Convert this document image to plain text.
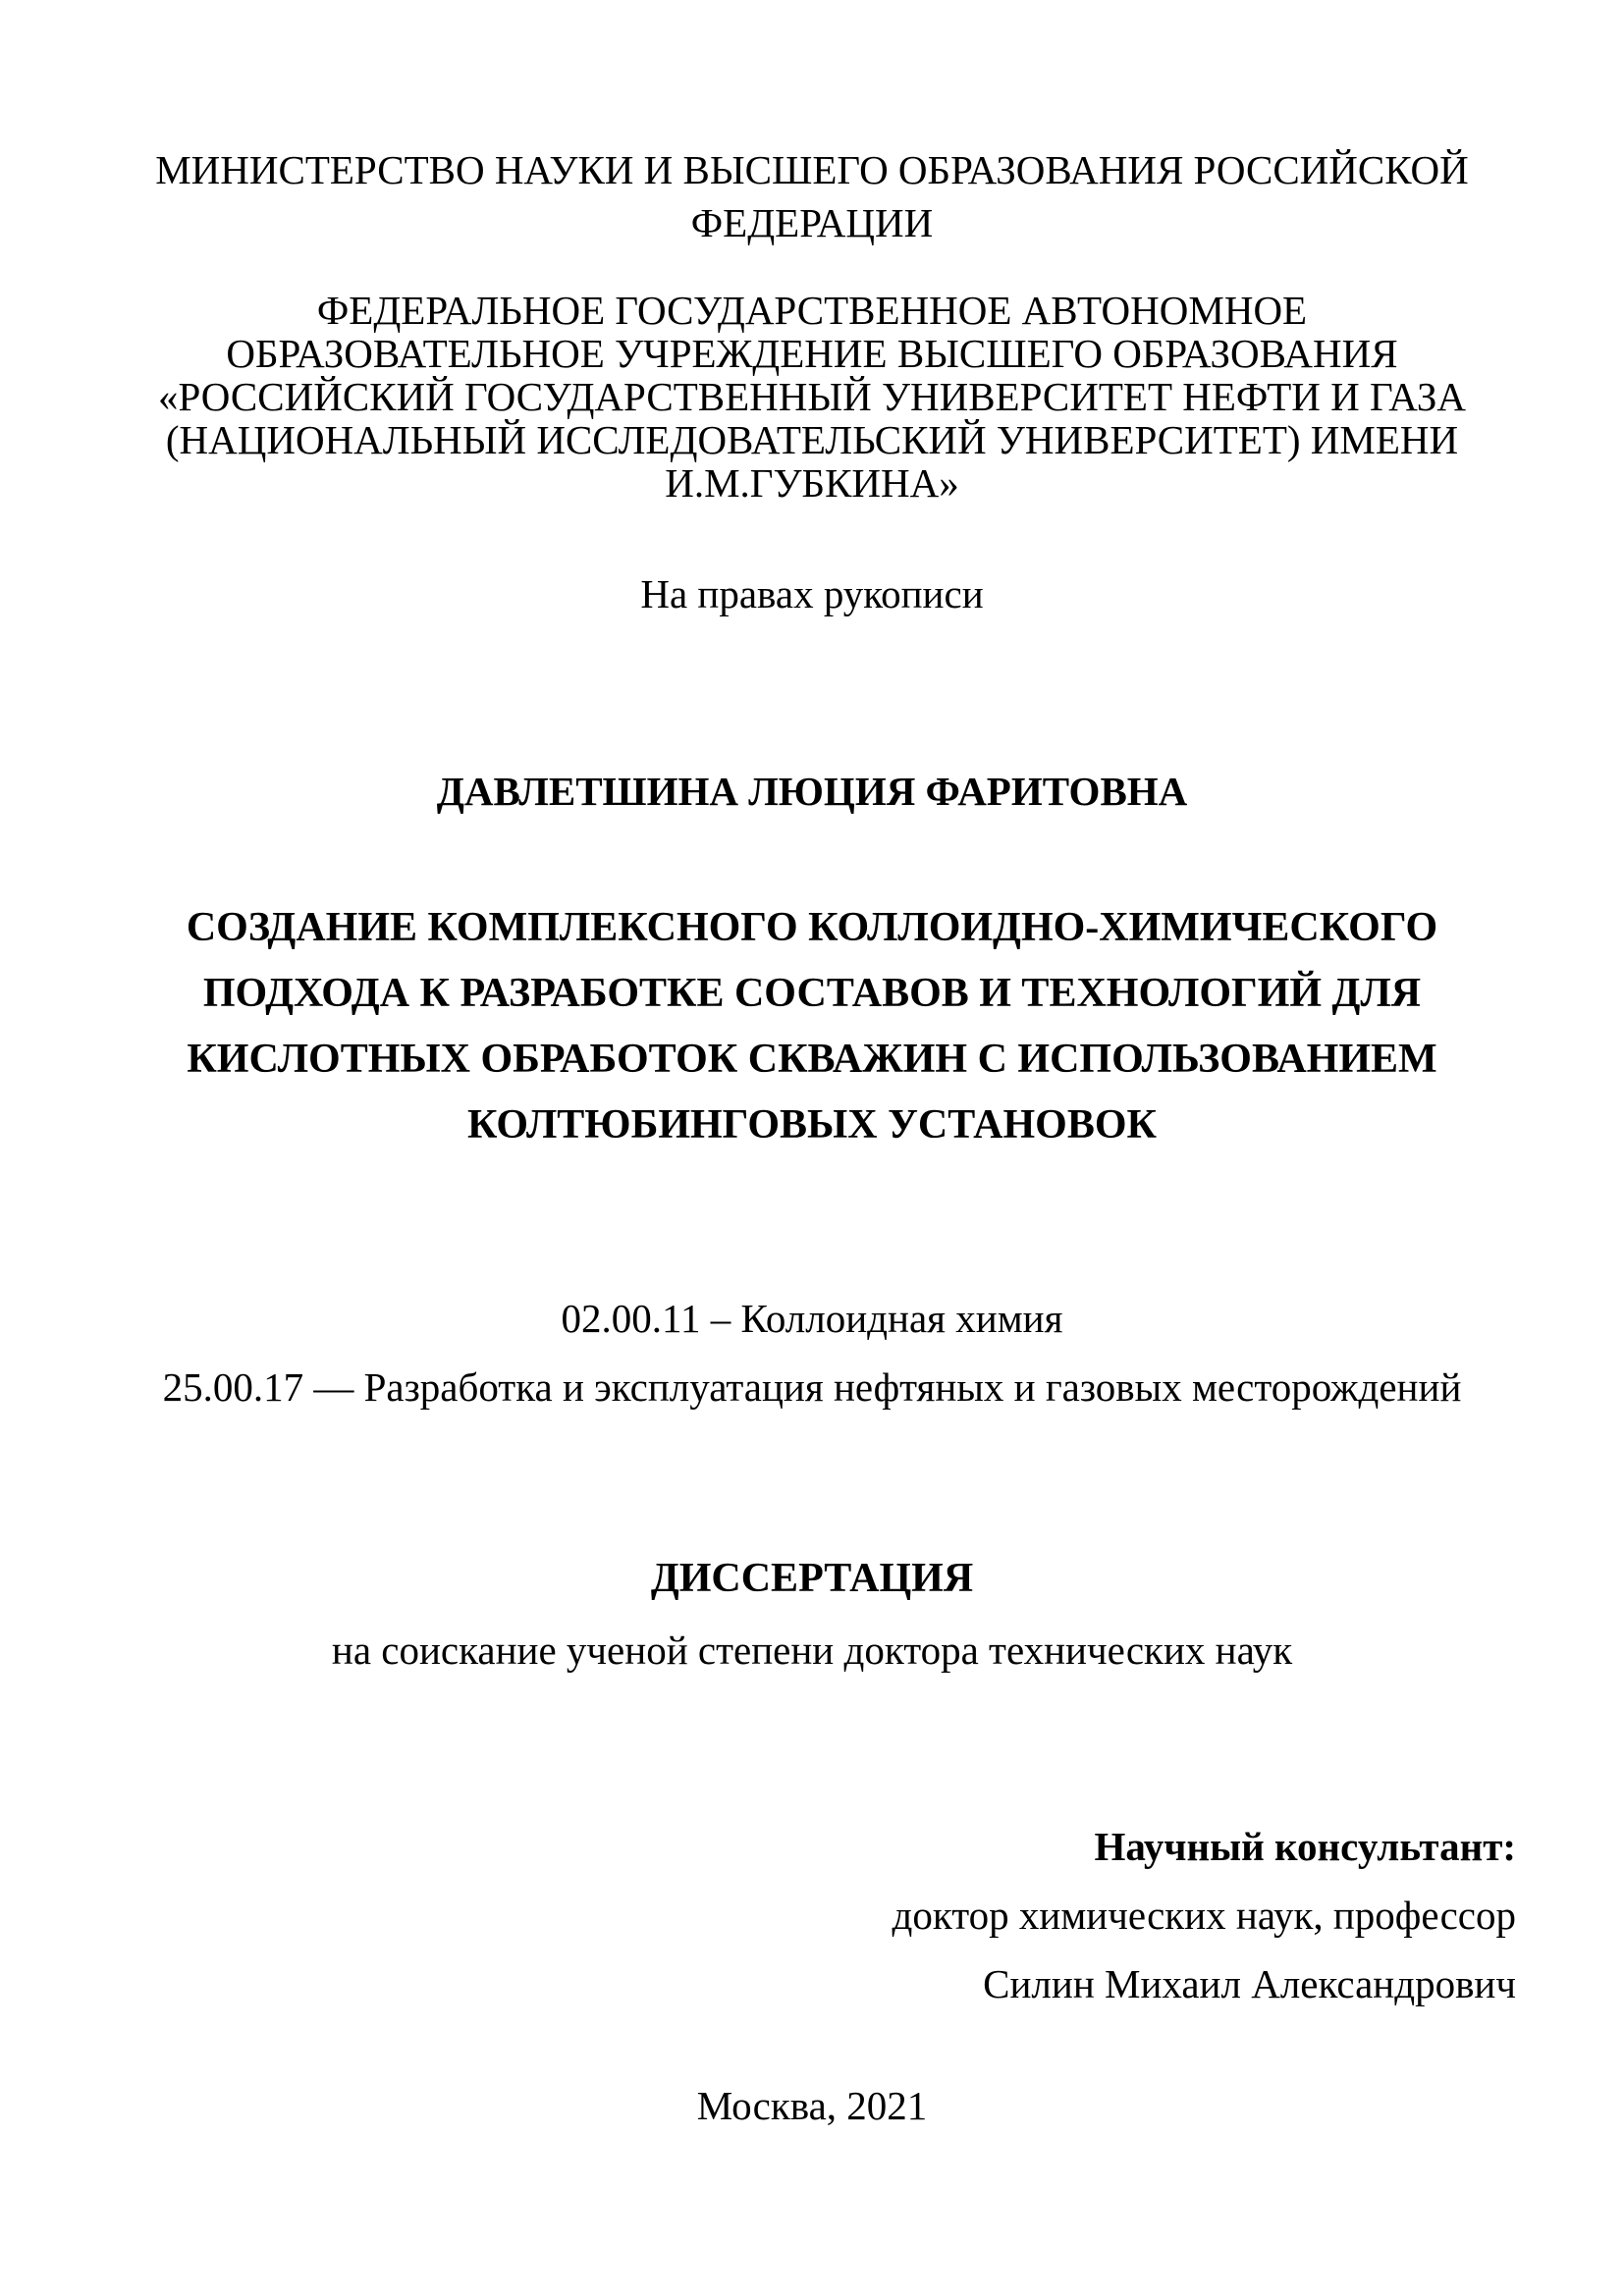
МИНИСТЕРСТВО НАУКИ И ВЫСШЕГО ОБРАЗОВАНИЯ РОССИЙСКОЙ
ФЕДЕРАЦИИ
ФЕДЕРАЛЬНОЕ ГОСУДАРСТВЕННОЕ АВТОНОМНОЕ
ОБРАЗОВАТЕЛЬНОЕ УЧРЕЖДЕНИЕ ВЫСШЕГО ОБРАЗОВАНИЯ
«РОССИЙСКИЙ ГОСУДАРСТВЕННЫЙ УНИВЕРСИТЕТ НЕФТИ И ГАЗА
(НАЦИОНАЛЬНЫЙ ИССЛЕДОВАТЕЛЬСКИЙ УНИВЕРСИТЕТ) ИМЕНИ
И.М.ГУБКИНА»
На правах рукописи
ДАВЛЕТШИНА ЛЮЦИЯ ФАРИТОВНА
СОЗДАНИЕ КОМПЛЕКСНОГО КОЛЛОИДНО-ХИМИЧЕСКОГО
ПОДХОДА К РАЗРАБОТКЕ СОСТАВОВ И ТЕХНОЛОГИЙ ДЛЯ
КИСЛОТНЫХ ОБРАБОТОК СКВАЖИН С ИСПОЛЬЗОВАНИЕМ
КОЛТЮБИНГОВЫХ УСТАНОВОК
02.00.11 – Коллоидная химия
25.00.17 — Разработка и эксплуатация нефтяных и газовых месторождений
ДИССЕРТАЦИЯ
на соискание ученой степени доктора технических наук
Научный консультант:
доктор химических наук, профессор
Силин Михаил Александрович
Москва, 2021
